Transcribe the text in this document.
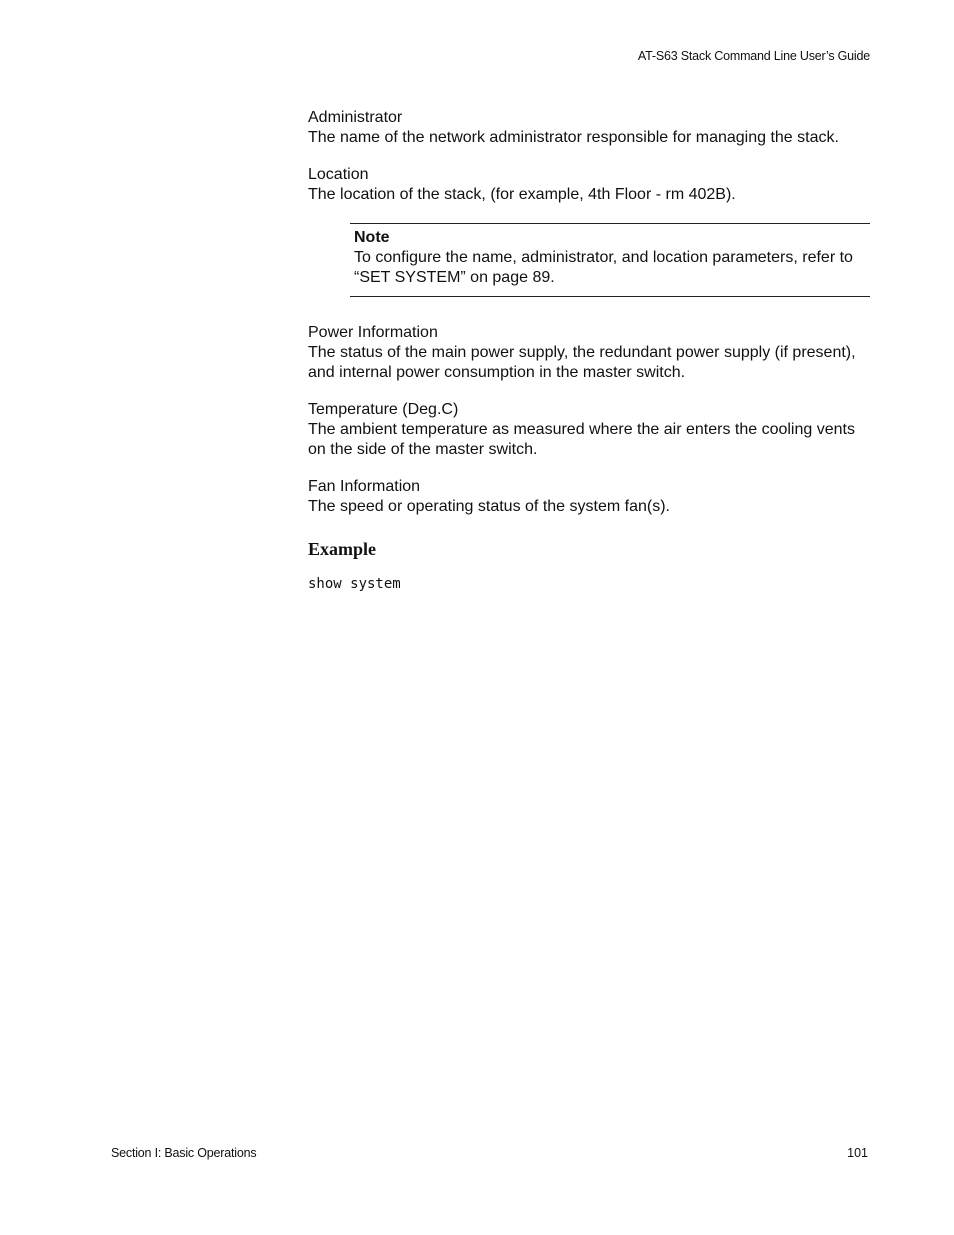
AT-S63 Stack Command Line User’s Guide
Administrator
The name of the network administrator responsible for managing the stack.
Location
The location of the stack, (for example, 4th Floor - rm 402B).
Note
To configure the name, administrator, and location parameters, refer to “SET SYSTEM” on page 89.
Power Information
The status of the main power supply, the redundant power supply (if present), and internal power consumption in the master switch.
Temperature (Deg.C)
The ambient temperature as measured where the air enters the cooling vents on the side of the master switch.
Fan Information
The speed or operating status of the system fan(s).
Example
show system
Section I: Basic Operations	101
